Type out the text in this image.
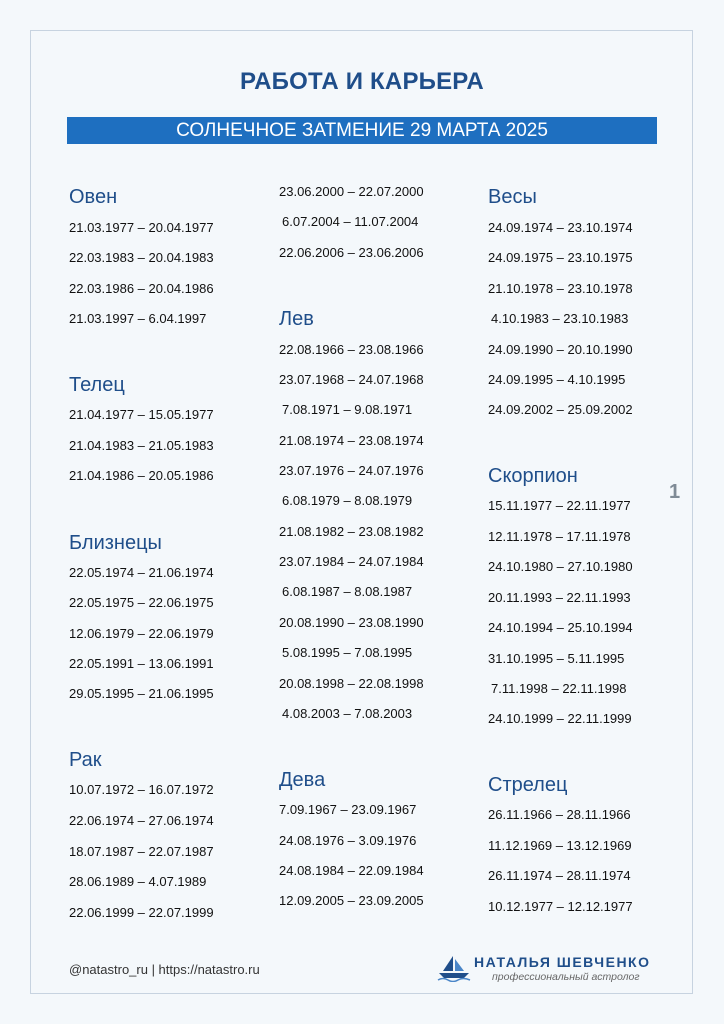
РАБОТА И КАРЬЕРА
СОЛНЕЧНОЕ ЗАТМЕНИЕ 29 МАРТА 2025
Овен
21.03.1977 – 20.04.1977
22.03.1983 – 20.04.1983
22.03.1986 – 20.04.1986
21.03.1997 – 6.04.1997
Телец
21.04.1977 – 15.05.1977
21.04.1983 – 21.05.1983
21.04.1986 – 20.05.1986
Близнецы
22.05.1974 – 21.06.1974
22.05.1975 – 22.06.1975
12.06.1979 – 22.06.1979
22.05.1991 – 13.06.1991
29.05.1995 – 21.06.1995
Рак
10.07.1972 – 16.07.1972
22.06.1974 – 27.06.1974
18.07.1987 – 22.07.1987
28.06.1989 – 4.07.1989
22.06.1999 – 22.07.1999
23.06.2000 – 22.07.2000
6.07.2004 – 11.07.2004
22.06.2006 – 23.06.2006
Лев
22.08.1966 – 23.08.1966
23.07.1968 – 24.07.1968
7.08.1971 – 9.08.1971
21.08.1974 – 23.08.1974
23.07.1976 – 24.07.1976
6.08.1979 – 8.08.1979
21.08.1982 – 23.08.1982
23.07.1984 – 24.07.1984
6.08.1987 – 8.08.1987
20.08.1990 – 23.08.1990
5.08.1995 – 7.08.1995
20.08.1998 – 22.08.1998
4.08.2003 – 7.08.2003
Дева
7.09.1967 – 23.09.1967
24.08.1976 – 3.09.1976
24.08.1984 – 22.09.1984
12.09.2005 – 23.09.2005
Весы
24.09.1974 – 23.10.1974
24.09.1975 – 23.10.1975
21.10.1978 – 23.10.1978
4.10.1983 – 23.10.1983
24.09.1990 – 20.10.1990
24.09.1995 – 4.10.1995
24.09.2002 – 25.09.2002
Скорпион
15.11.1977 – 22.11.1977
12.11.1978 – 17.11.1978
24.10.1980 – 27.10.1980
20.11.1993 – 22.11.1993
24.10.1994 – 25.10.1994
31.10.1995 – 5.11.1995
7.11.1998 – 22.11.1998
24.10.1999 – 22.11.1999
Стрелец
26.11.1966 – 28.11.1966
11.12.1969 – 13.12.1969
26.11.1974 – 28.11.1974
10.12.1977 – 12.12.1977
1
@natastro_ru | https://natastro.ru	НАТАЛЬЯ ШЕВЧЕНКО
профессиональный астролог
